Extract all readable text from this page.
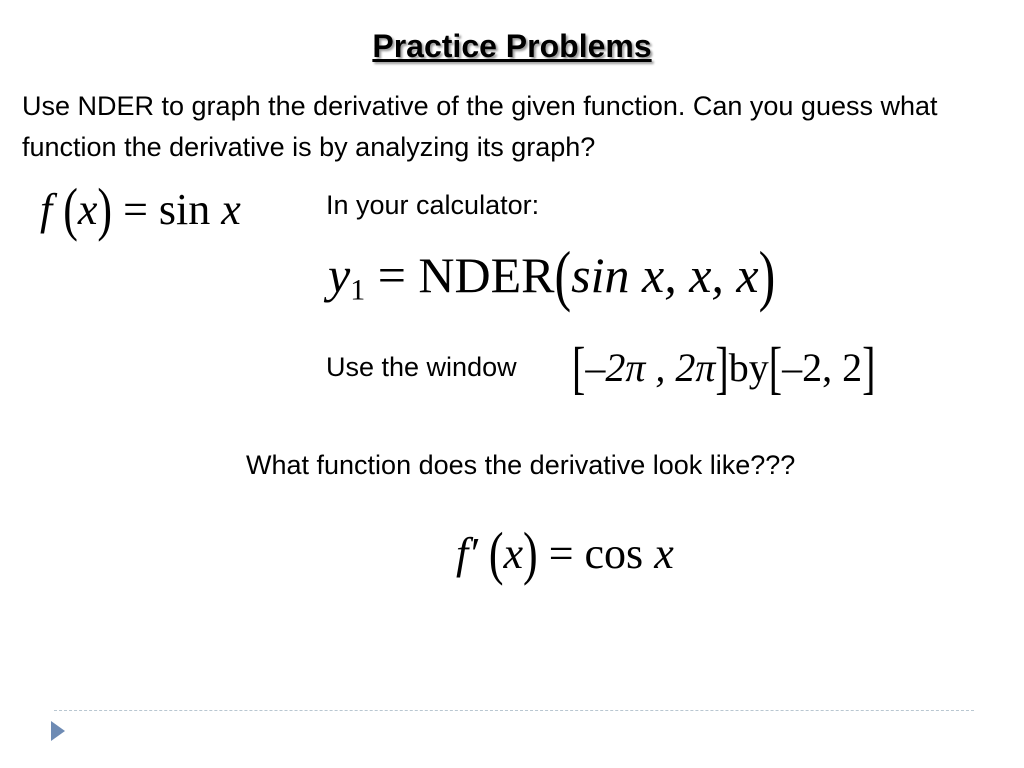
Practice Problems
Use NDER to graph the derivative of the given function. Can you guess what function the derivative is by analyzing its graph?
f (x) = sin x	In your calculator:
$y_1$ = NDER(sin x, x, x)
Use the window [–2π , 2π]by[–2, 2]
What function does the derivative look like???
f′ (x) = cos x
